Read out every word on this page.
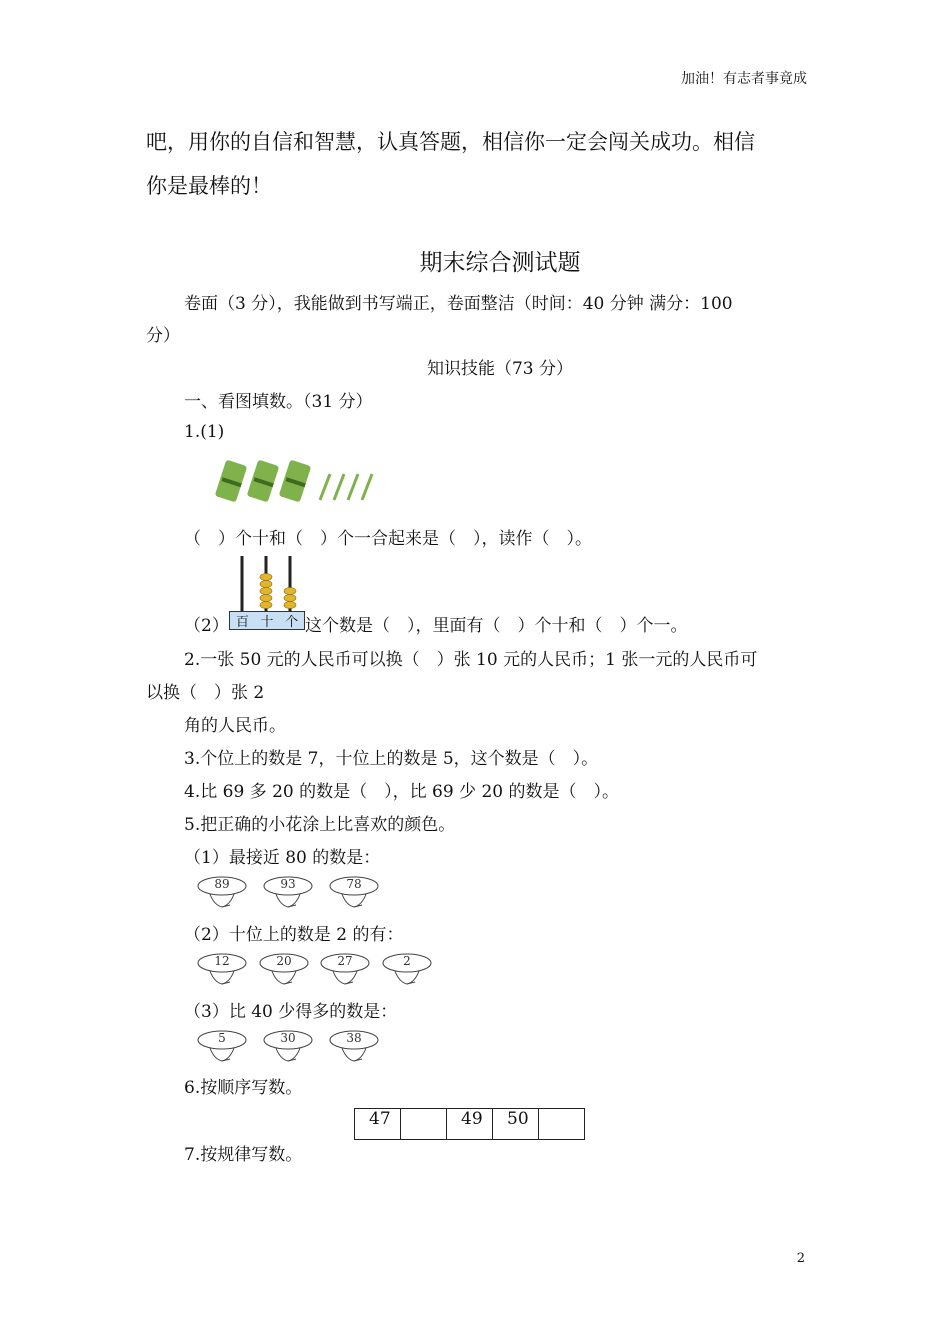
加油！有志者事竟成
吧，用你的自信和智慧，认真答题，相信你一定会闯关成功。相信
你是最棒的！
期末综合测试题
卷面（3 分），我能做到书写端正，卷面整洁（时间：40 分钟 满分：100
分）
知识技能（73 分）
一、看图填数。（31 分）
1.(1)
（　）个十和（　）个一合起来是（　），读作（　）。
（2） 百 十 个 这个数是（　），里面有（　）个十和（　）个一。
2.一张 50 元的人民币可以换（　）张 10 元的人民币；1 张一元的人民币可
以换（　）张 2
角的人民币。
3.个位上的数是 7，十位上的数是 5，这个数是（　）。
4.比 69 多 20 的数是（　），比 69 少 20 的数是（　）。
5.把正确的小花涂上比喜欢的颜色。
（1）最接近 80 的数是：
89	93	78
（2）十位上的数是 2 的有：
12	20	27	2
（3）比 40 少得多的数是：
5	30	38
6.按顺序写数。
47		49	50	
7.按规律写数。
2
